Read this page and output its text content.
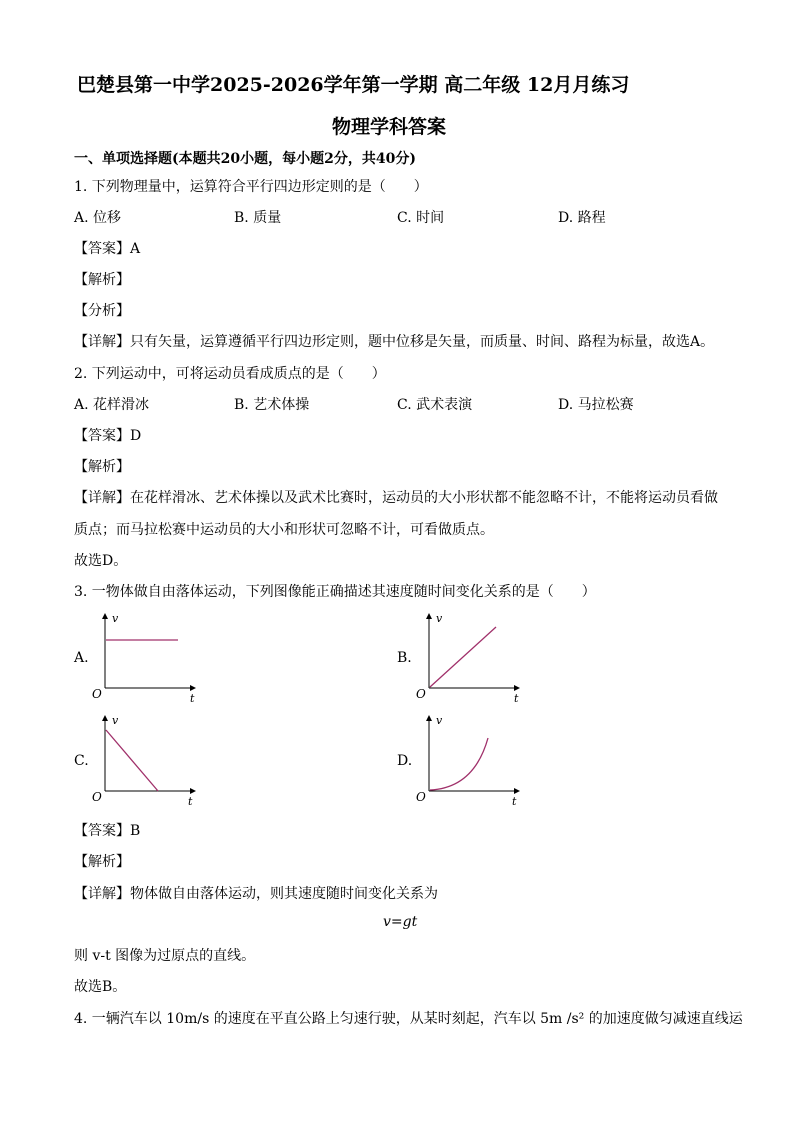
巴楚县第一中学2025-2026学年第一学期 高二年级 12月月练习
物理学科答案
一、单项选择题(本题共20小题，每小题2分，共40分)
1. 下列物理量中，运算符合平行四边形定则的是（　　）
A. 位移	B. 质量	C. 时间	D. 路程
【答案】A
【解析】
【分析】
【详解】只有矢量，运算遵循平行四边形定则，题中位移是矢量，而质量、时间、路程为标量，故选A。
2. 下列运动中，可将运动员看成质点的是（　　）
A. 花样滑冰	B. 艺术体操	C. 武术表演	D. 马拉松赛
【答案】D
【解析】
【详解】在花样滑冰、艺术体操以及武术比赛时，运动员的大小形状都不能忽略不计，不能将运动员看做
质点；而马拉松赛中运动员的大小和形状可忽略不计，可看做质点。
故选D。
3. 一物体做自由落体运动，下列图像能正确描述其速度随时间变化关系的是（　　）
A.
v
O	t
B.
v
O	t
C.
v
O	t
D.
v
O	t
【答案】B
【解析】
【详解】物体做自由落体运动，则其速度随时间变化关系为
v=gt
则 v-t 图像为过原点的直线。
故选B。
4. 一辆汽车以 10m/s 的速度在平直公路上匀速行驶，从某时刻起，汽车以 5m /s² 的加速度做匀减速直线运
